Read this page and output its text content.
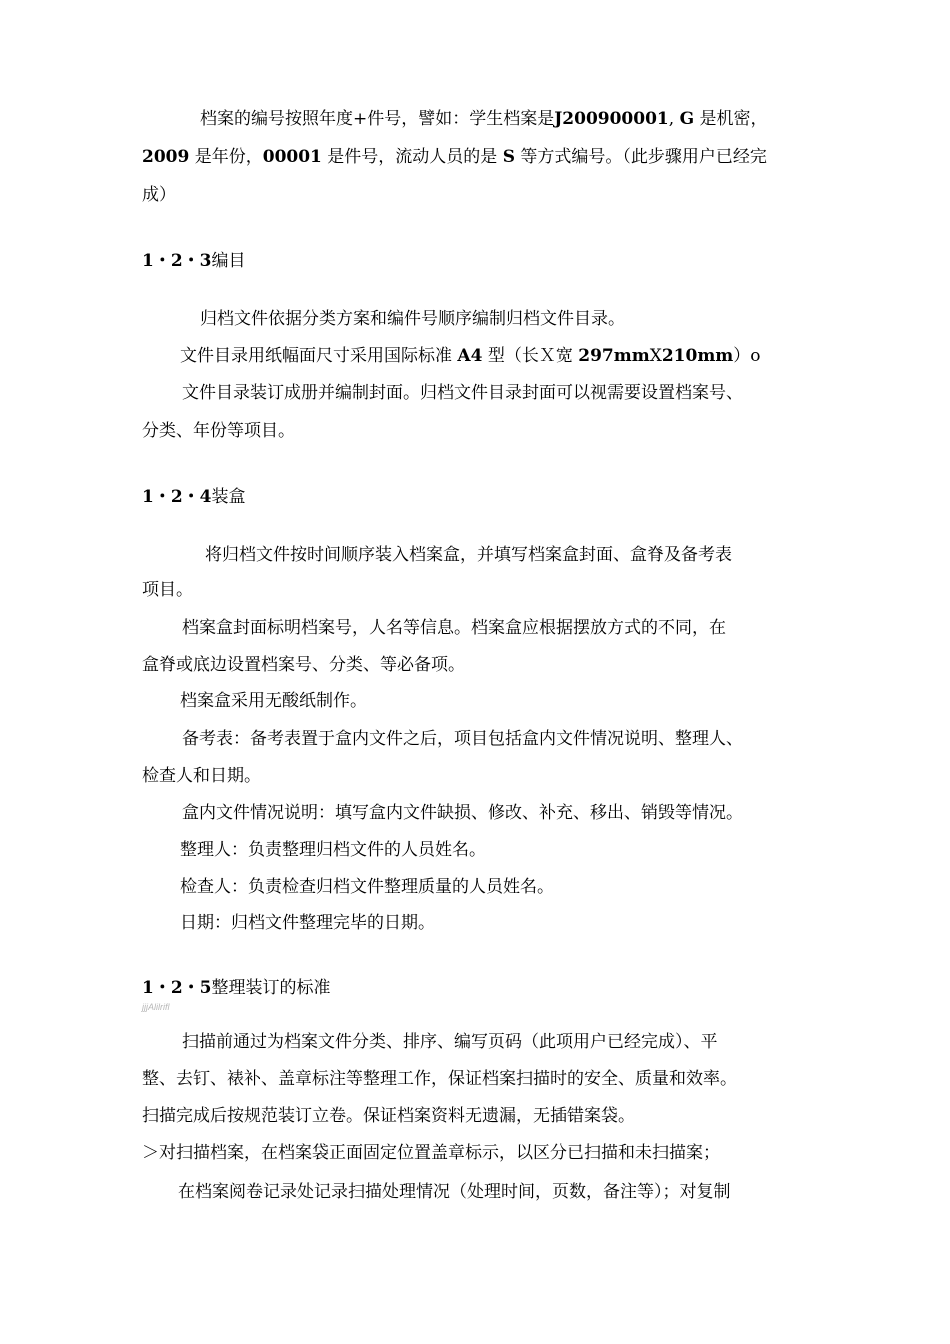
档案的编号按照年度+件号，譬如：学生档案是J200900001, G 是机密，
2009 是年份，00001 是件号，流动人员的是 S 等方式编号。（此步骤用户已经完
成）
1・2・3编目
归档文件依据分类方案和编件号顺序编制归档文件目录。
文件目录用纸幅面尺寸采用国际标准 A4 型（长Ｘ宽 297mmX210mm）o
文件目录装订成册并编制封面。归档文件目录封面可以视需要设置档案号、
分类、年份等项目。
1・2・4装盒
将归档文件按时间顺序装入档案盒，并填写档案盒封面、盒脊及备考表
项目。
档案盒封面标明档案号，人名等信息。档案盒应根据摆放方式的不同，在
盒脊或底边设置档案号、分类、等必备项。
档案盒采用无酸纸制作。
备考表：备考表置于盒内文件之后，项目包括盒内文件情况说明、整理人、
检查人和日期。
盒内文件情况说明：填写盒内文件缺损、修改、补充、移出、销毁等情况。
整理人：负责整理归档文件的人员姓名。
检查人：负责检查归档文件整理质量的人员姓名。
日期：归档文件整理完毕的日期。
1・2・5整理装订的标准
jjjAlilrifl
扫描前通过为档案文件分类、排序、编写页码（此项用户已经完成）、平
整、去钉、裱补、盖章标注等整理工作，保证档案扫描时的安全、质量和效率。
扫描完成后按规范装订立卷。保证档案资料无遗漏，无插错案袋。
＞对扫描档案，在档案袋正面固定位置盖章标示，以区分已扫描和未扫描案；
在档案阅卷记录处记录扫描处理情况（处理时间，页数，备注等）；对复制
